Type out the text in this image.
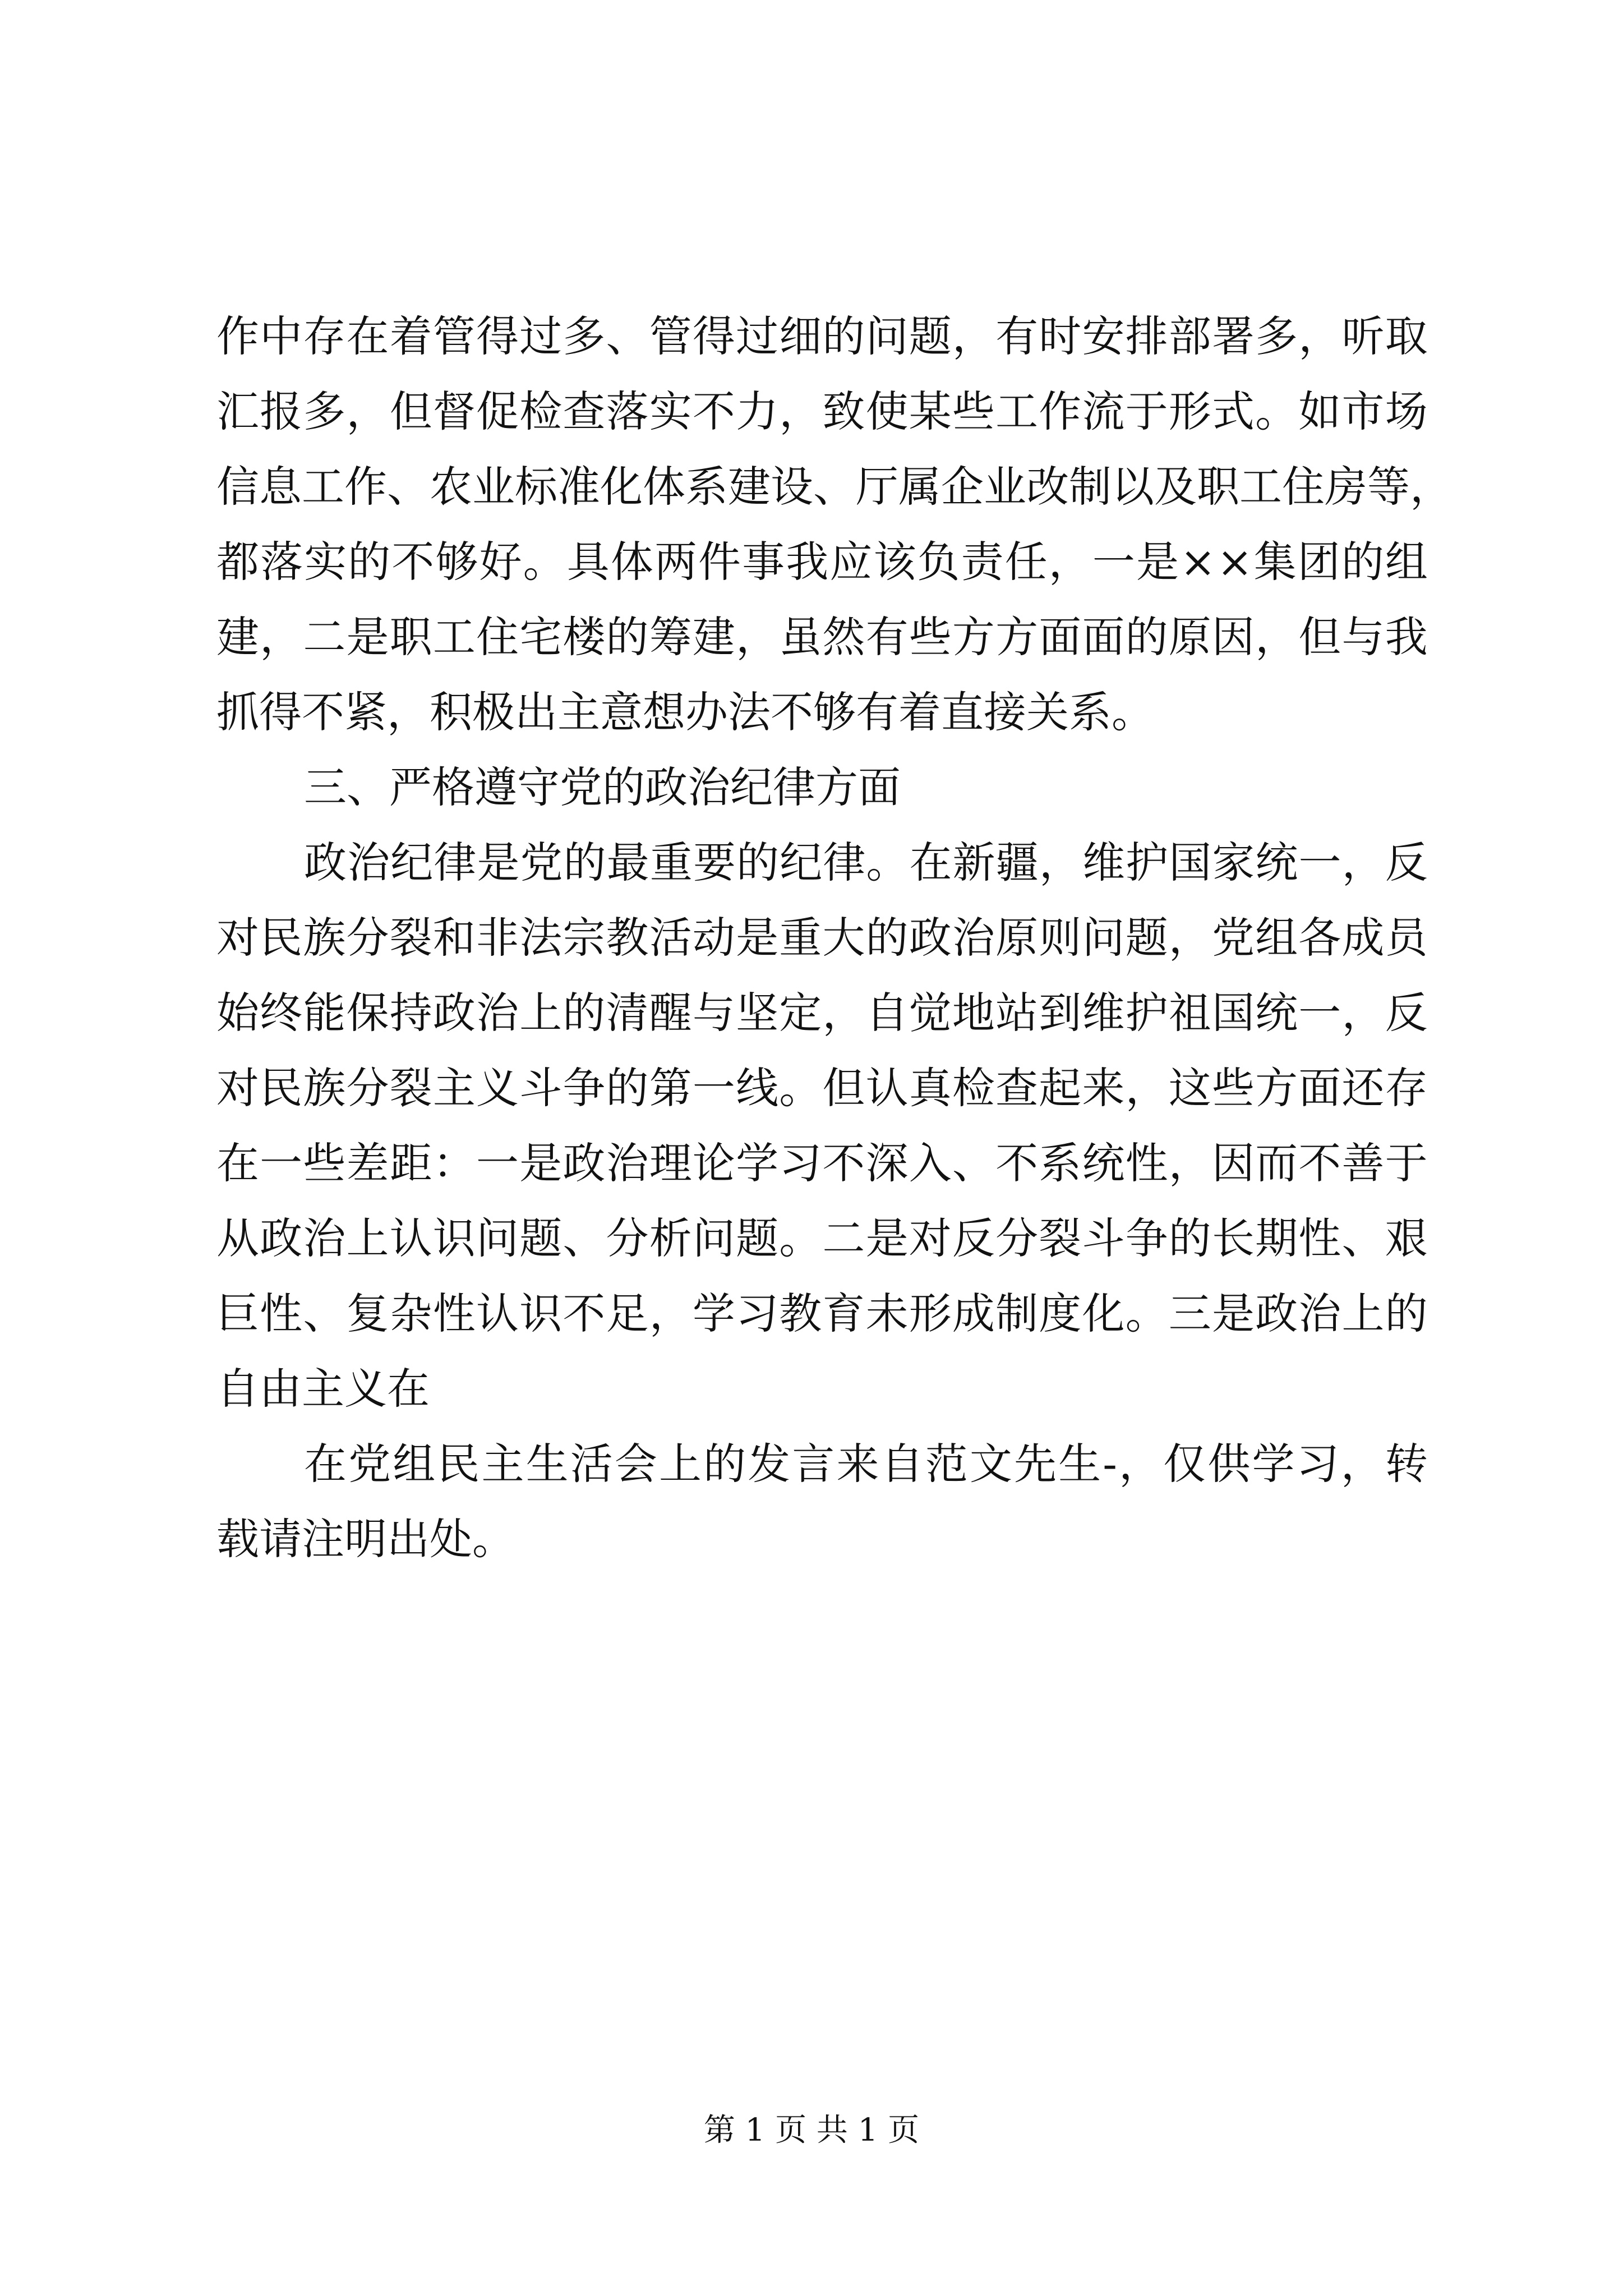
作 中 存 在 着 管 得 过 多 、 管 得 过 细 的 问 题 ， 有 时 安 排 部 署 多 ， 听 取
汇 报 多 ， 但 督 促 检 查 落 实 不 力 ， 致 使 某 些 工 作 流 于 形 式 。 如 市 场
信 息 工 作 、 农 业 标 准 化 体 系 建 设 、 厅 属 企 业 改 制 以 及 职 工 住 房 等 ，
都 落 实 的 不 够 好 。 具 体 两 件 事 我 应 该 负 责 任 ， 一 是 × × 集 团 的 组
建 ， 二 是 职 工 住 宅 楼 的 筹 建 ， 虽 然 有 些 方 方 面 面 的 原 因 ， 但 与 我
抓得不紧，积极出主意想办法不够有着直接关系。
三、严格遵守党的政治纪律方面
政 治 纪 律 是 党 的 最 重 要 的 纪 律 。 在 新 疆 ， 维 护 国 家 统 一 ， 反
对 民 族 分 裂 和 非 法 宗 教 活 动 是 重 大 的 政 治 原 则 问 题 ， 党 组 各 成 员
始 终 能 保 持 政 治 上 的 清 醒 与 坚 定 ， 自 觉 地 站 到 维 护 祖 国 统 一 ， 反
对 民 族 分 裂 主 义 斗 争 的 第 一 线 。 但 认 真 检 查 起 来 ， 这 些 方 面 还 存
在 一 些 差 距 ： 一 是 政 治 理 论 学 习 不 深 入 、 不 系 统 性 ， 因 而 不 善 于
从 政 治 上 认 识 问 题 、 分 析 问 题 。 二 是 对 反 分 裂 斗 争 的 长 期 性 、 艰
巨 性 、 复 杂 性 认 识 不 足 ， 学 习 教 育 未 形 成 制 度 化 。 三 是 政 治 上 的
自由主义在
在 党 组 民 主 生 活 会 上 的 发 言 来 自 范 文 先 生 - ， 仅 供 学 习 ， 转
载请注明出处。
第 1 页 共 1 页
